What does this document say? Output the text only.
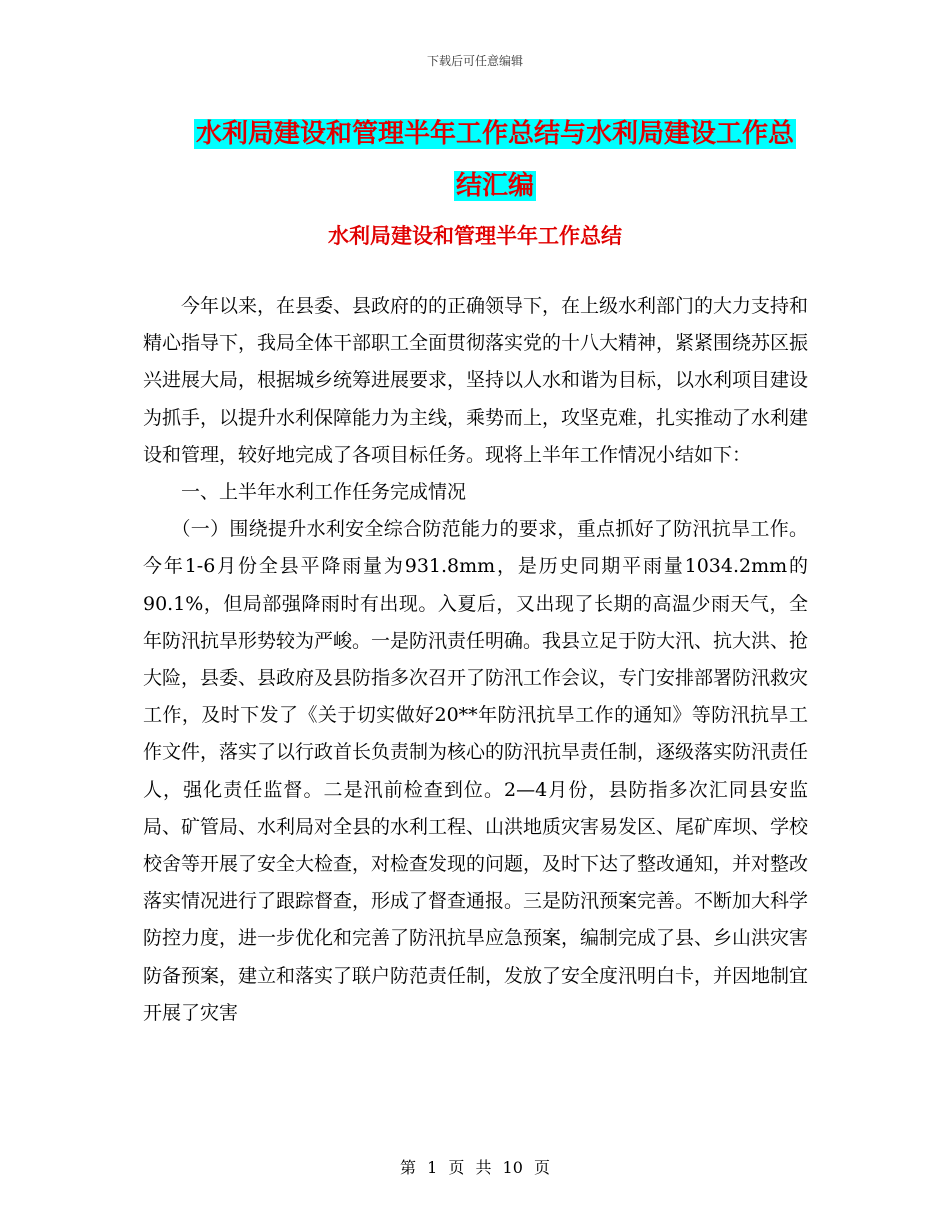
下载后可任意编辑
水利局建设和管理半年工作总结与水利局建设工作总
结汇编
水利局建设和管理半年工作总结

今年以来，在县委、县政府的的正确领导下，在上级水利部门的大力支持和精心指导下，我局全体干部职工全面贯彻落实党的十八大精神，紧紧围绕苏区振兴进展大局，根据城乡统筹进展要求，坚持以人水和谐为目标，以水利项目建设为抓手，以提升水利保障能力为主线，乘势而上，攻坚克难，扎实推动了水利建设和管理，较好地完成了各项目标任务。现将上半年工作情况小结如下：

一、上半年水利工作任务完成情况

（一）围绕提升水利安全综合防范能力的要求，重点抓好了防汛抗旱工作。今年1-6月份全县平降雨量为931.8mm，是历史同期平雨量1034.2mm的90.1%，但局部强降雨时有出现。入夏后，又出现了长期的高温少雨天气，全年防汛抗旱形势较为严峻。一是防汛责任明确。我县立足于防大汛、抗大洪、抢大险，县委、县政府及县防指多次召开了防汛工作会议，专门安排部署防汛救灾工作，及时下发了《关于切实做好20**年防汛抗旱工作的通知》等防汛抗旱工作文件，落实了以行政首长负责制为核心的防汛抗旱责任制，逐级落实防汛责任人，强化责任监督。二是汛前检查到位。2—4月份，县防指多次汇同县安监局、矿管局、水利局对全县的水利工程、山洪地质灾害易发区、尾矿库坝、学校校舍等开展了安全大检查，对检查发现的问题，及时下达了整改通知，并对整改落实情况进行了跟踪督查，形成了督查通报。三是防汛预案完善。不断加大科学防控力度，进一步优化和完善了防汛抗旱应急预案，编制完成了县、乡山洪灾害防备预案，建立和落实了联户防范责任制，发放了安全度汛明白卡，并因地制宜开展了灾害

第 1 页 共 10 页
